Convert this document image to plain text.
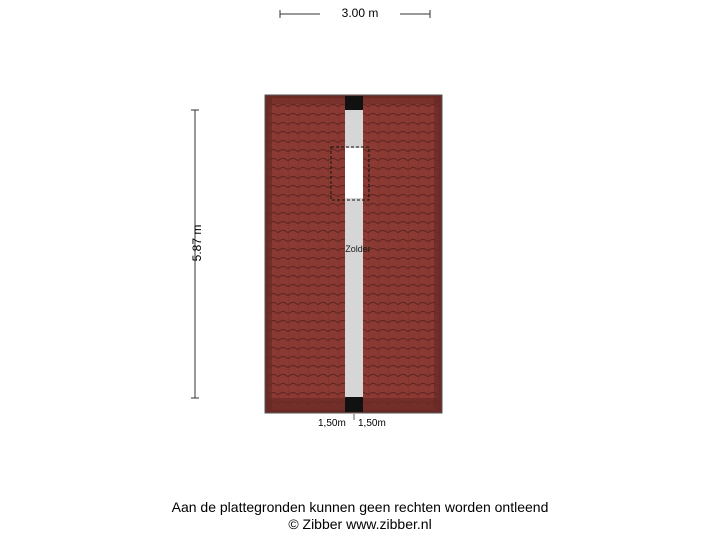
3.00 m
5.87 m	Zolder
1,50m 1,50m
Aan de plattegronden kunnen geen rechten worden ontleend
© Zibber www.zibber.nl
